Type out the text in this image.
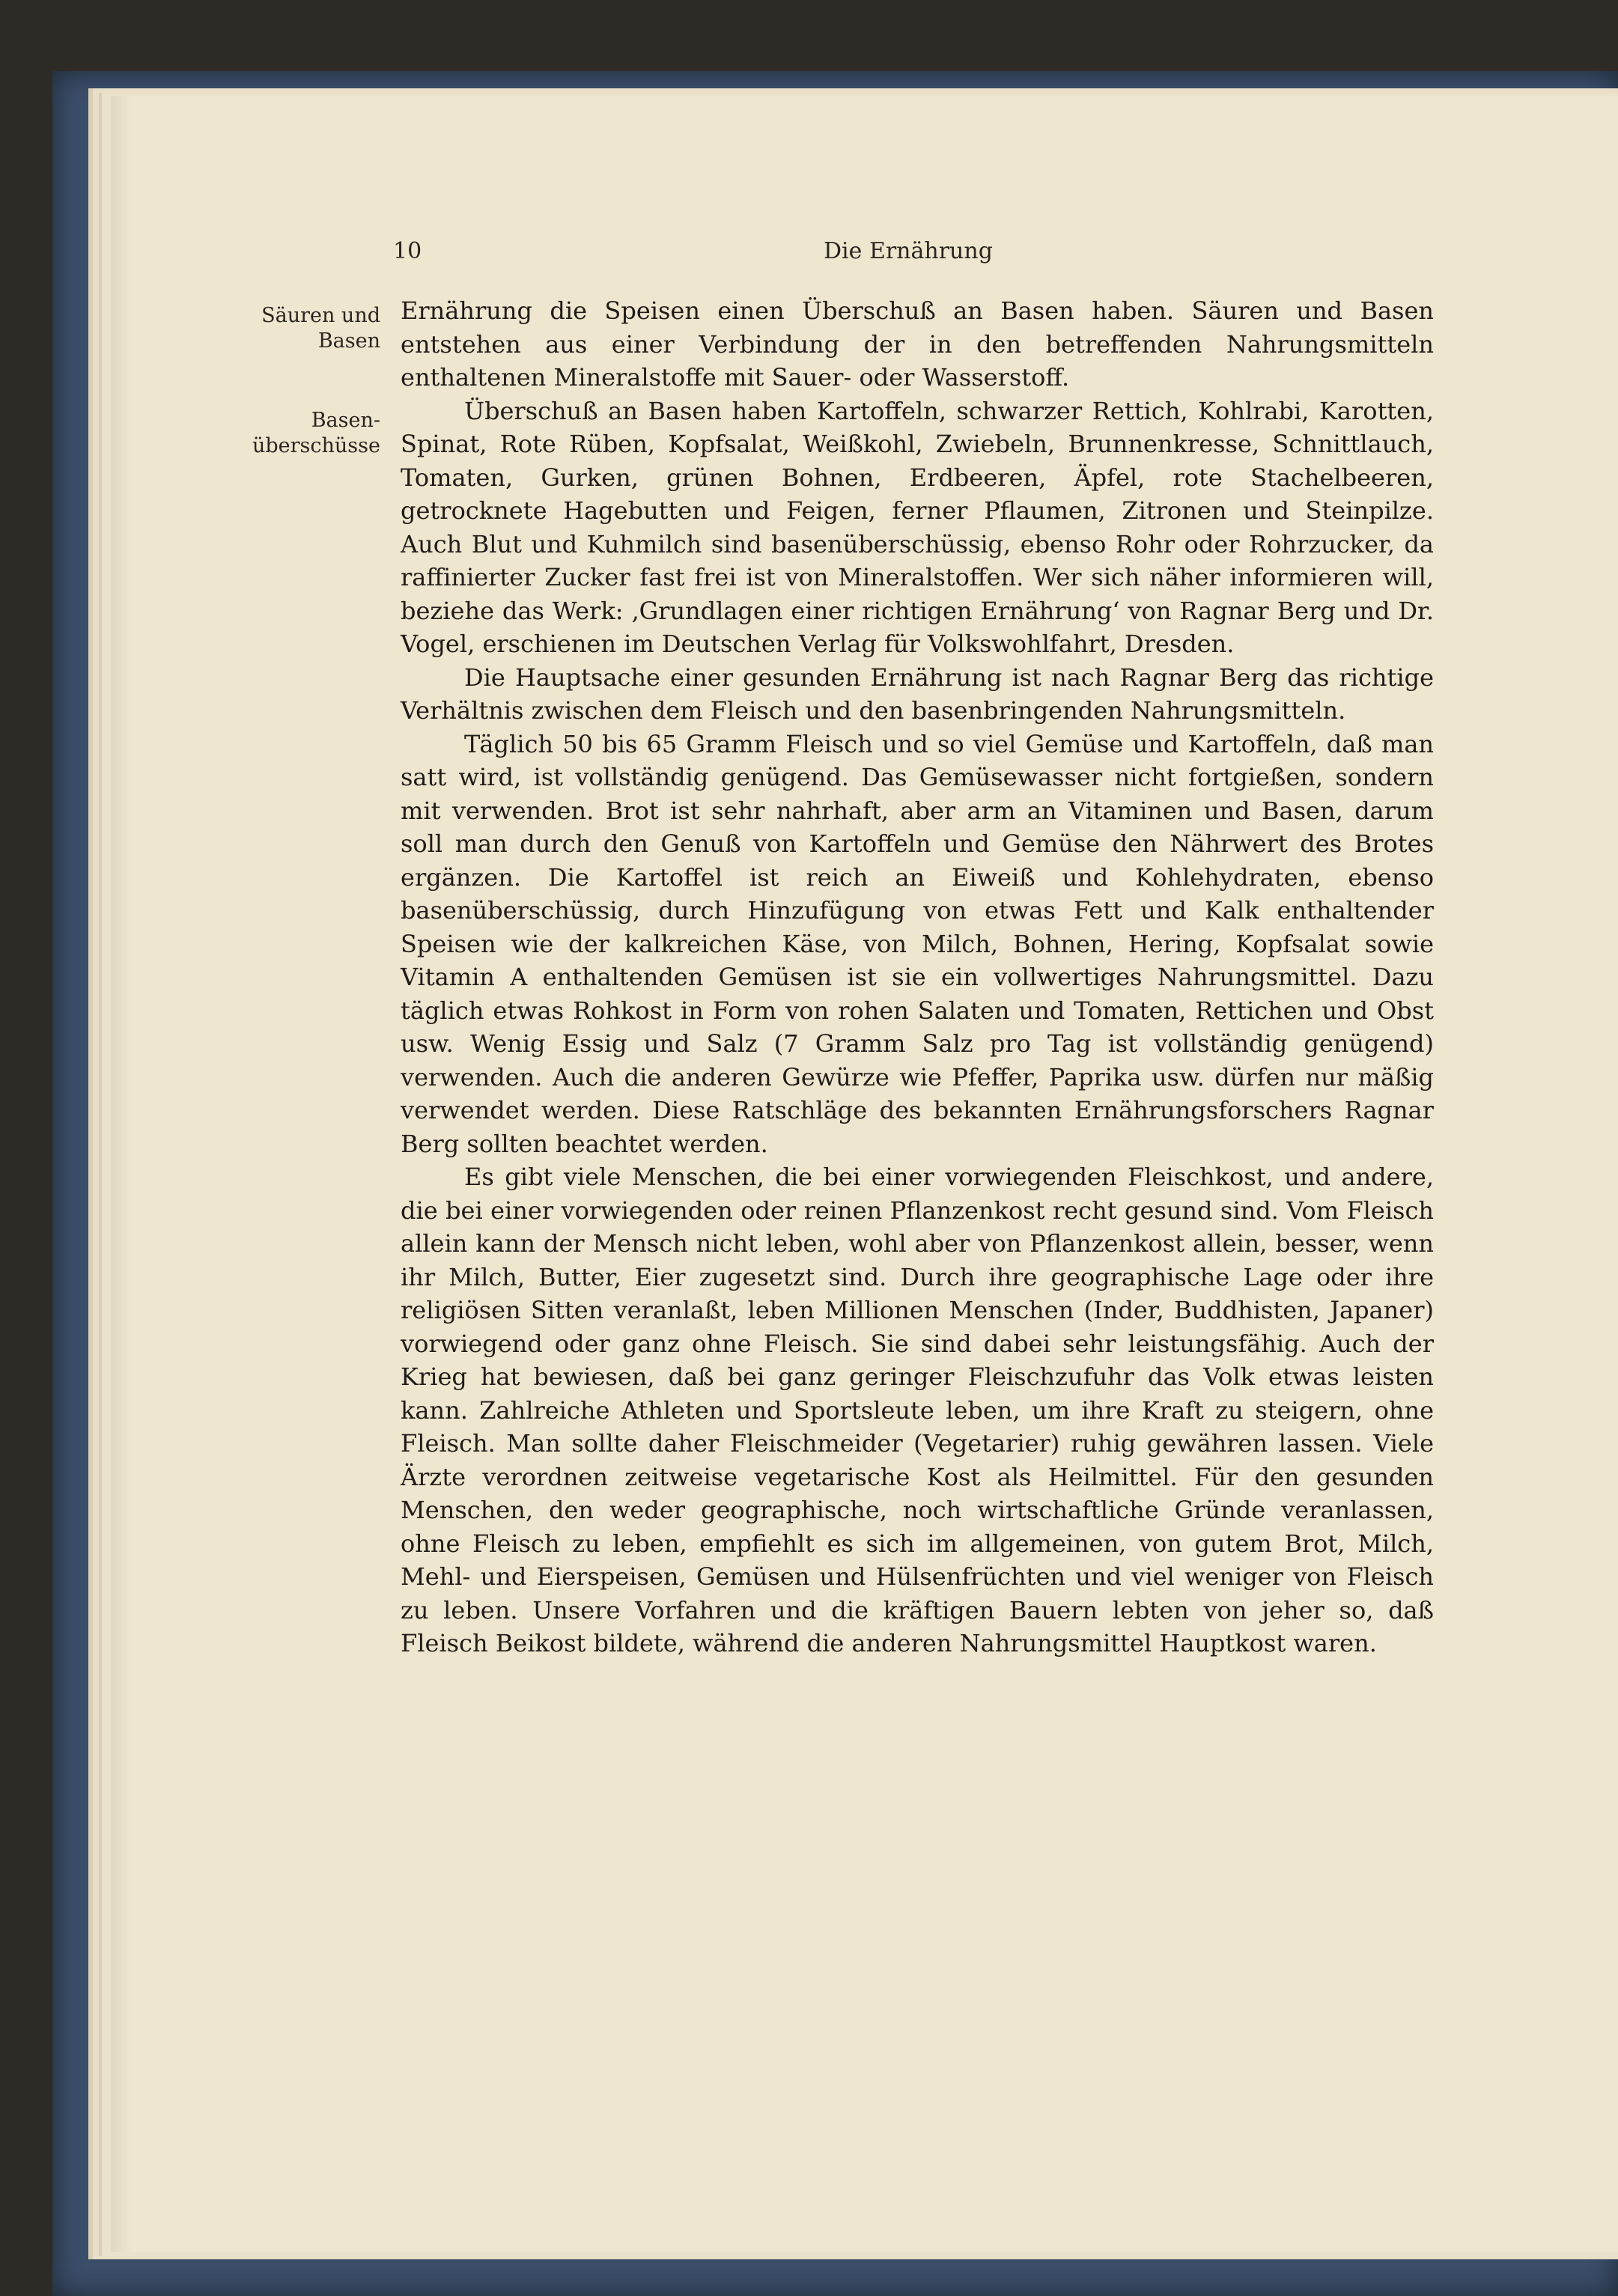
10	Die Ernährung
Säuren und Basen
Basen-überschüsse

Ernährung die Speisen einen Überschuß an Basen haben. Säuren und Basen entstehen aus einer Verbindung der in den betreffenden Nahrungsmitteln enthaltenen Mineralstoffe mit Sauer- oder Wasserstoff.

Überschuß an Basen haben Kartoffeln, schwarzer Rettich, Kohlrabi, Karotten, Spinat, Rote Rüben, Kopfsalat, Weißkohl, Zwiebeln, Brunnenkresse, Schnittlauch, Tomaten, Gurken, grünen Bohnen, Erdbeeren, Äpfel, rote Stachelbeeren, getrocknete Hagebutten und Feigen, ferner Pflaumen, Zitronen und Steinpilze. Auch Blut und Kuhmilch sind basenüberschüssig, ebenso Rohr oder Rohrzucker, da raffinierter Zucker fast frei ist von Mineralstoffen. Wer sich näher informieren will, beziehe das Werk: ‚Grundlagen einer richtigen Ernährung‘ von Ragnar Berg und Dr. Vogel, erschienen im Deutschen Verlag für Volkswohlfahrt, Dresden.

Die Hauptsache einer gesunden Ernährung ist nach Ragnar Berg das richtige Verhältnis zwischen dem Fleisch und den basenbringenden Nahrungsmitteln.

Täglich 50 bis 65 Gramm Fleisch und so viel Gemüse und Kartoffeln, daß man satt wird, ist vollständig genügend. Das Gemüsewasser nicht fortgießen, sondern mit verwenden. Brot ist sehr nahrhaft, aber arm an Vitaminen und Basen, darum soll man durch den Genuß von Kartoffeln und Gemüse den Nährwert des Brotes ergänzen. Die Kartoffel ist reich an Eiweiß und Kohlehydraten, ebenso basenüberschüssig, durch Hinzufügung von etwas Fett und Kalk enthaltender Speisen wie der kalkreichen Käse, von Milch, Bohnen, Hering, Kopfsalat sowie Vitamin A enthaltenden Gemüsen ist sie ein vollwertiges Nahrungsmittel. Dazu täglich etwas Rohkost in Form von rohen Salaten und Tomaten, Rettichen und Obst usw. Wenig Essig und Salz (7 Gramm Salz pro Tag ist vollständig genügend) verwenden. Auch die anderen Gewürze wie Pfeffer, Paprika usw. dürfen nur mäßig verwendet werden. Diese Ratschläge des bekannten Ernährungsforschers Ragnar Berg sollten beachtet werden.

Es gibt viele Menschen, die bei einer vorwiegenden Fleischkost, und andere, die bei einer vorwiegenden oder reinen Pflanzenkost recht gesund sind. Vom Fleisch allein kann der Mensch nicht leben, wohl aber von Pflanzenkost allein, besser, wenn ihr Milch, Butter, Eier zugesetzt sind. Durch ihre geographische Lage oder ihre religiösen Sitten veranlaßt, leben Millionen Menschen (Inder, Buddhisten, Japaner) vorwiegend oder ganz ohne Fleisch. Sie sind dabei sehr leistungsfähig. Auch der Krieg hat bewiesen, daß bei ganz geringer Fleischzufuhr das Volk etwas leisten kann. Zahlreiche Athleten und Sportsleute leben, um ihre Kraft zu steigern, ohne Fleisch. Man sollte daher Fleischmeider (Vegetarier) ruhig gewähren lassen. Viele Ärzte verordnen zeitweise vegetarische Kost als Heilmittel. Für den gesunden Menschen, den weder geographische, noch wirtschaftliche Gründe veranlassen, ohne Fleisch zu leben, empfiehlt es sich im allgemeinen, von gutem Brot, Milch, Mehl- und Eierspeisen, Gemüsen und Hülsenfrüchten und viel weniger von Fleisch zu leben. Unsere Vorfahren und die kräftigen Bauern lebten von jeher so, daß Fleisch Beikost bildete, während die anderen Nahrungsmittel Hauptkost waren.
